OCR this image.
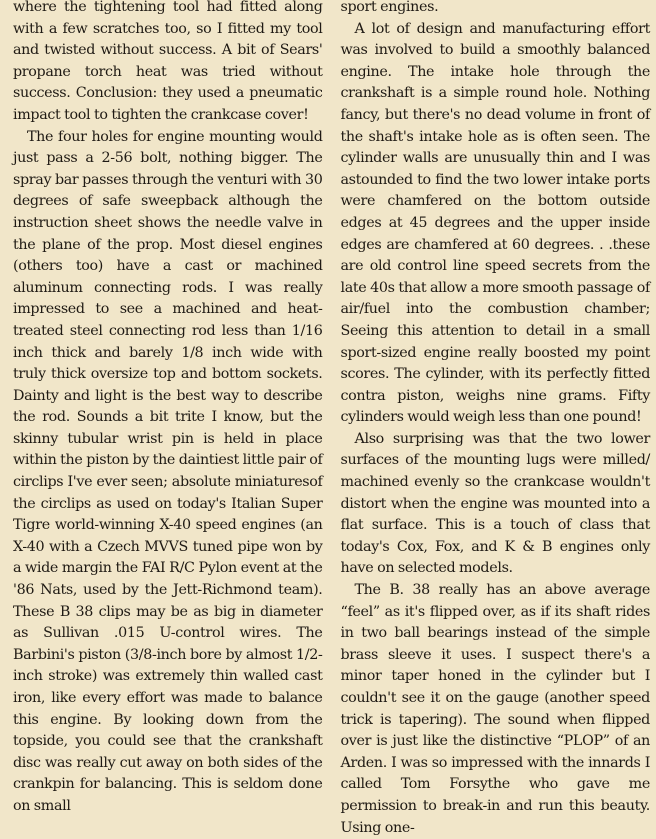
where the tightening tool had fitted along with a few scratches too, so I fitted my tool and twisted without success. A bit of Sears' propane torch heat was tried without success. Conclusion: they used a pneumatic impact tool to tighten the crankcase cover!

The four holes for engine mounting would just pass a 2-56 bolt, nothing bigger. The spray bar passes through the venturi with 30 degrees of safe sweepback although the instruction sheet shows the needle valve in the plane of the prop. Most diesel engines (others too) have a cast or machined aluminum connecting rods. I was really impressed to see a machined and heat-treated steel connecting rod less than 1/16 inch thick and barely 1/8 inch wide with truly thick oversize top and bottom sockets. Dainty and light is the best way to describe the rod. Sounds a bit trite I know, but the skinny tubular wrist pin is held in place within the piston by the daintiest little pair of circlips I've ever seen; absolute miniaturesof the circlips as used on today's Italian Super Tigre world-winning X-40 speed engines (an X-40 with a Czech MVVS tuned pipe won by a wide margin the FAI R/C Pylon event at the '86 Nats, used by the Jett-Richmond team). These B 38 clips may be as big in diameter as Sullivan .015 U-control wires. The Barbini's piston (3/8-inch bore by almost 1/2-inch stroke) was extremely thin walled cast iron, like every effort was made to balance this engine. By looking down from the topside, you could see that the crankshaft disc was really cut away on both sides of the crankpin for balancing. This is seldom done on small

sport engines.

A lot of design and manufacturing effort was involved to build a smoothly balanced engine. The intake hole through the crankshaft is a simple round hole. Nothing fancy, but there's no dead volume in front of the shaft's intake hole as is often seen. The cylinder walls are unusually thin and I was astounded to find the two lower intake ports were chamfered on the bottom outside edges at 45 degrees and the upper inside edges are chamfered at 60 degrees. . .these are old control line speed secrets from the late 40s that allow a more smooth passage of air/fuel into the combustion chamber; Seeing this attention to detail in a small sport-sized engine really boosted my point scores. The cylinder, with its perfectly fitted contra piston, weighs nine grams. Fifty cylinders would weigh less than one pound!

Also surprising was that the two lower surfaces of the mounting lugs were milled/ machined evenly so the crankcase wouldn't distort when the engine was mounted into a flat surface. This is a touch of class that today's Cox, Fox, and K & B engines only have on selected models.

The B. 38 really has an above average “feel” as it's flipped over, as if its shaft rides in two ball bearings instead of the simple brass sleeve it uses. I suspect there's a minor taper honed in the cylinder but I couldn't see it on the gauge (another speed trick is tapering). The sound when flipped over is just like the distinctive “PLOP” of an Arden. I was so impressed with the innards I called Tom Forsythe who gave me permission to break-in and run this beauty. Using one-
